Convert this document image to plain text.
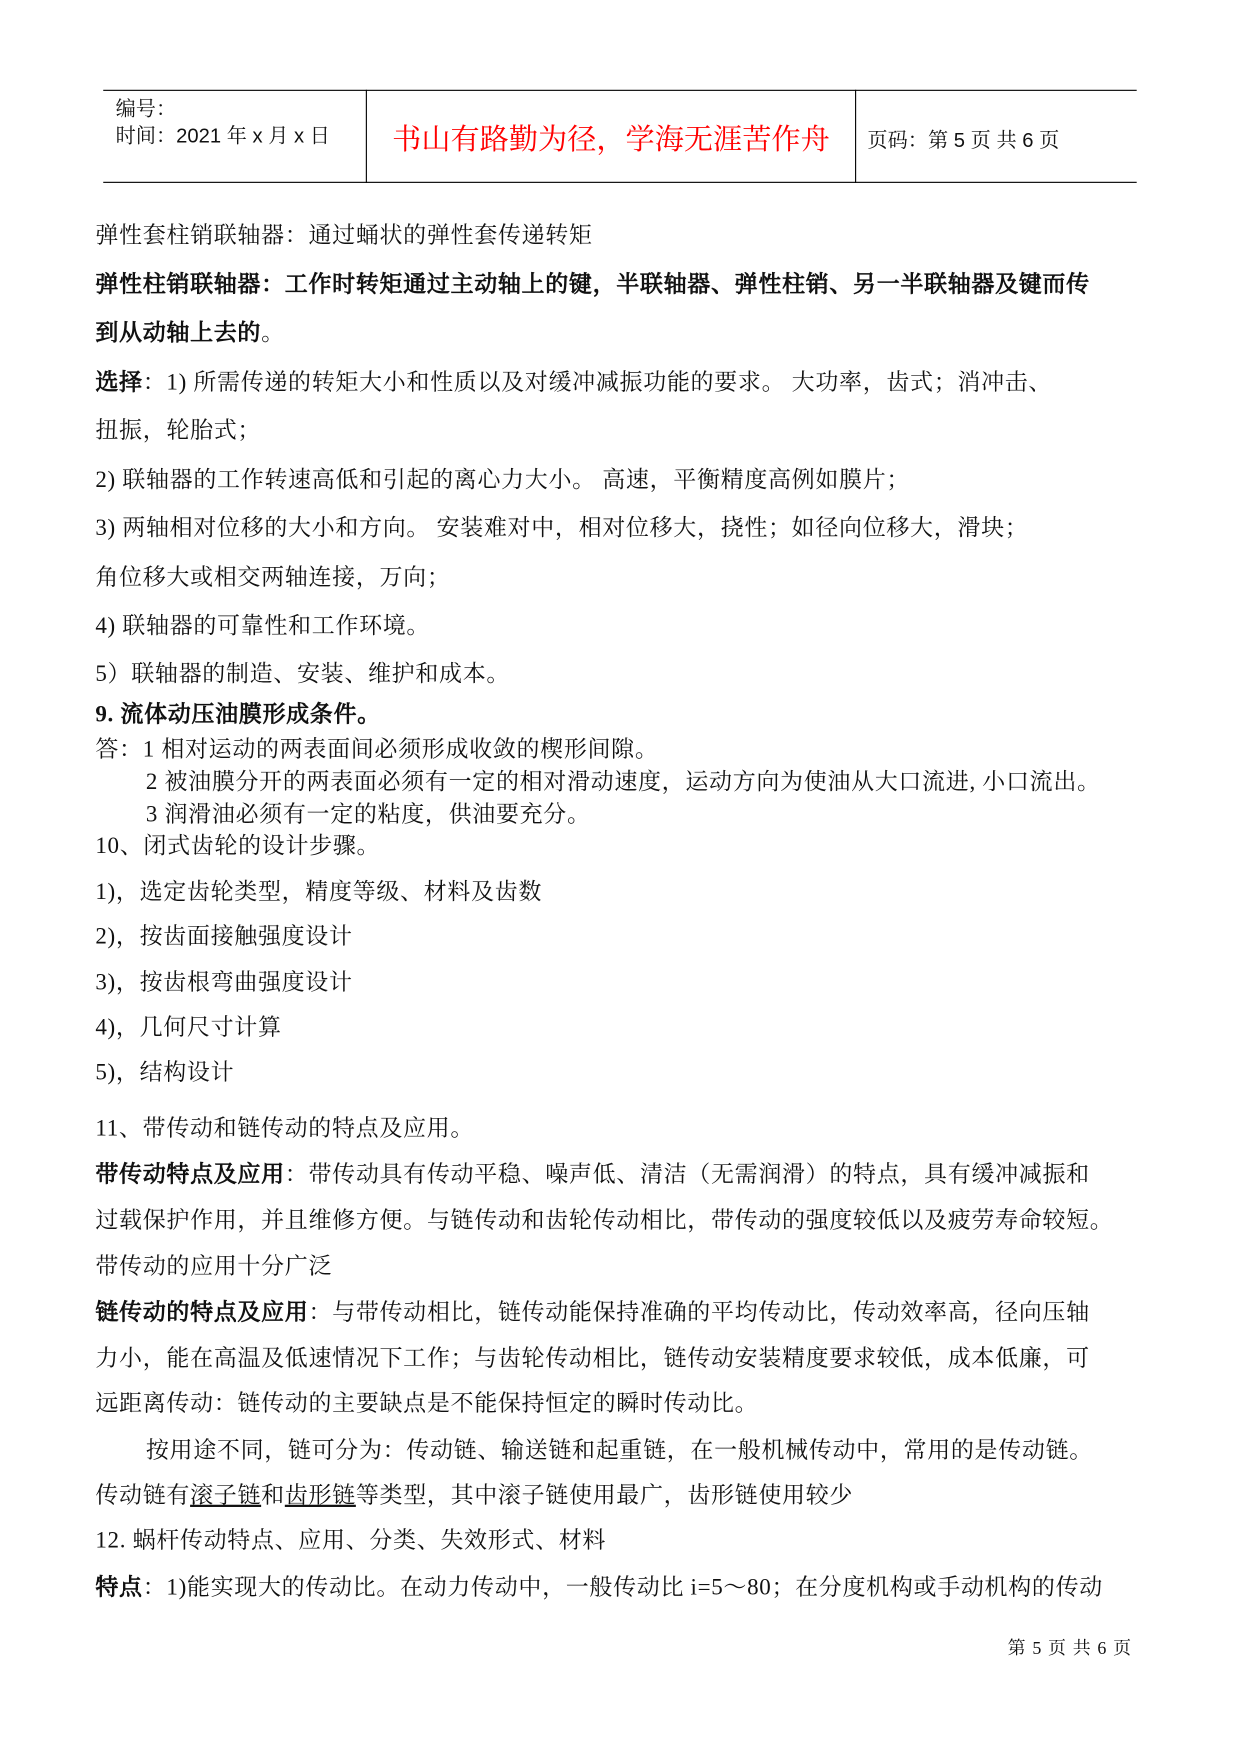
编号：
时间：2021 年 x 月 x 日	书山有路勤为径，学海无涯苦作舟	页码：第 5 页 共 6 页
弹性套柱销联轴器：通过蛹状的弹性套传递转矩
弹性柱销联轴器：工作时转矩通过主动轴上的键，半联轴器、弹性柱销、另一半联轴器及键而传
到从动轴上去的。
选择：1) 所需传递的转矩大小和性质以及对缓冲减振功能的要求。 大功率，齿式；消冲击、
扭振，轮胎式；
2) 联轴器的工作转速高低和引起的离心力大小。 高速，平衡精度高例如膜片；
3) 两轴相对位移的大小和方向。 安装难对中，相对位移大，挠性；如径向位移大，滑块；
角位移大或相交两轴连接，万向；
4) 联轴器的可靠性和工作环境。
5）联轴器的制造、安装、维护和成本。
9. 流体动压油膜形成条件。
答：1 相对运动的两表面间必须形成收敛的楔形间隙。
2 被油膜分开的两表面必须有一定的相对滑动速度，运动方向为使油从大口流进, 小口流出。
3 润滑油必须有一定的粘度，供油要充分。
10、闭式齿轮的设计步骤。
1)，选定齿轮类型，精度等级、材料及齿数
2)，按齿面接触强度设计
3)，按齿根弯曲强度设计
4)，几何尺寸计算
5)，结构设计
11、带传动和链传动的特点及应用。
带传动特点及应用：带传动具有传动平稳、噪声低、清洁（无需润滑）的特点，具有缓冲减振和
过载保护作用，并且维修方便。与链传动和齿轮传动相比，带传动的强度较低以及疲劳寿命较短。
带传动的应用十分广泛
链传动的特点及应用：与带传动相比，链传动能保持准确的平均传动比，传动效率高，径向压轴
力小，能在高温及低速情况下工作；与齿轮传动相比，链传动安装精度要求较低，成本低廉，可
远距离传动：链传动的主要缺点是不能保持恒定的瞬时传动比。
按用途不同，链可分为：传动链、输送链和起重链，在一般机械传动中，常用的是传动链。
传动链有滚子链和齿形链等类型，其中滚子链使用最广，齿形链使用较少
12. 蜗杆传动特点、应用、分类、失效形式、材料
特点：1)能实现大的传动比。在动力传动中，一般传动比 i=5～80；在分度机构或手动机构的传动
第 5 页 共 6 页
